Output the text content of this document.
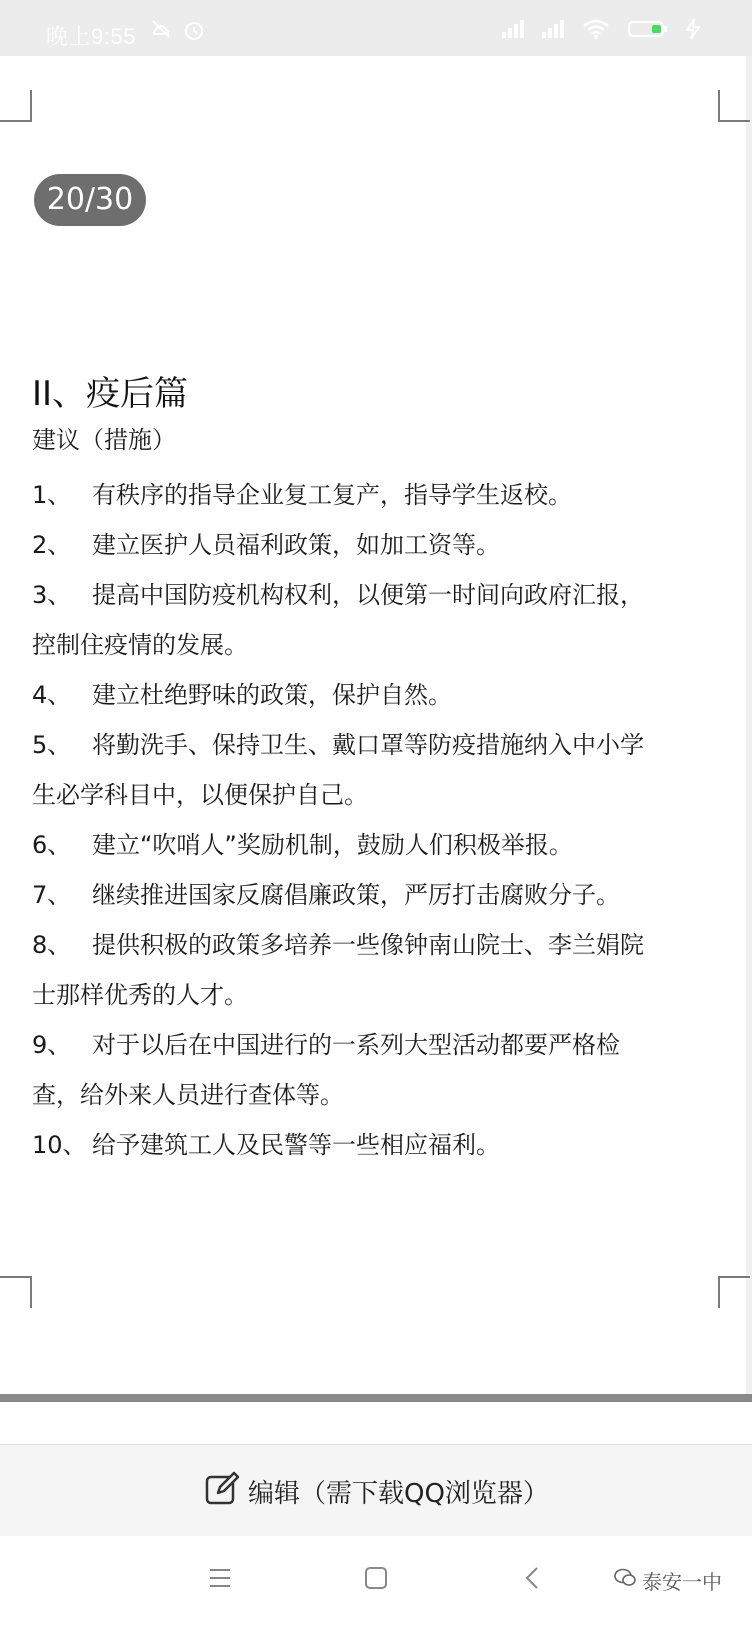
晚上9:55
20/30
II、疫后篇
建议（措施）
1、 有秩序的指导企业复工复产，指导学生返校。
2、 建立医护人员福利政策，如加工资等。
3、 提高中国防疫机构权利，以便第一时间向政府汇报，
控制住疫情的发展。
4、 建立杜绝野味的政策，保护自然。
5、 将勤洗手、保持卫生、戴口罩等防疫措施纳入中小学
生必学科目中，以便保护自己。
6、 建立“吹哨人”奖励机制，鼓励人们积极举报。
7、 继续推进国家反腐倡廉政策，严厉打击腐败分子。
8、 提供积极的政策多培养一些像钟南山院士、李兰娟院
士那样优秀的人才。
9、 对于以后在中国进行的一系列大型活动都要严格检
查，给外来人员进行查体等。
10、 给予建筑工人及民警等一些相应福利。
编辑（需下载QQ浏览器）
泰安一中
